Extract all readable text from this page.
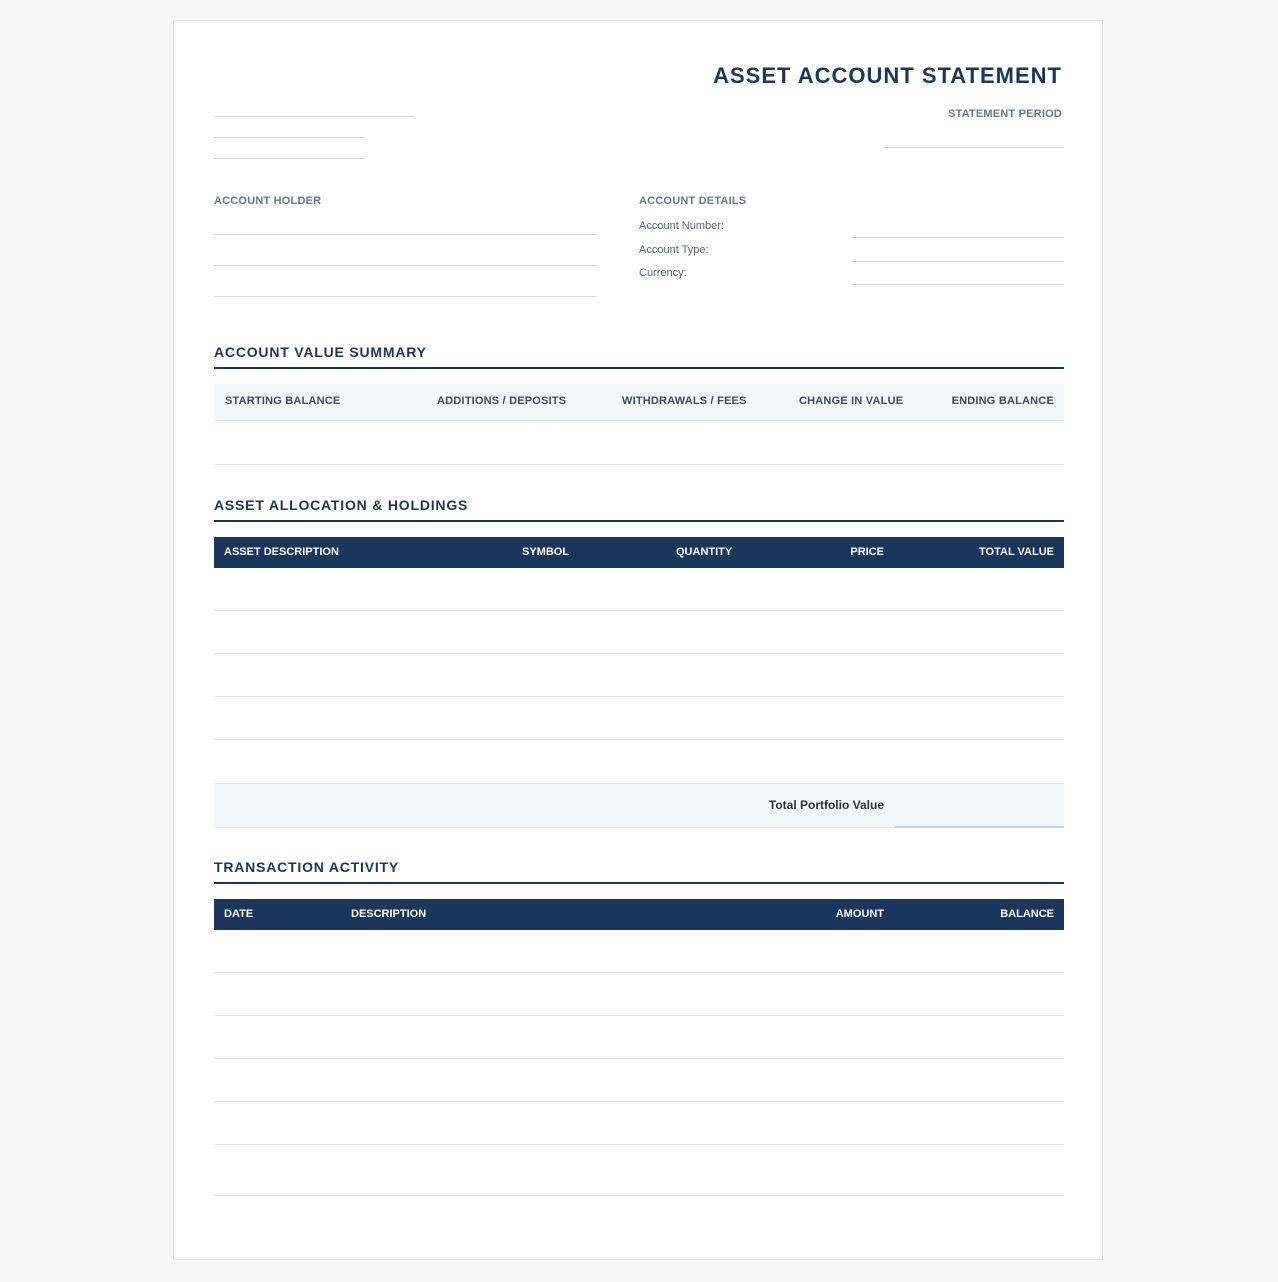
ASSET ACCOUNT STATEMENT
STATEMENT PERIOD
ACCOUNT HOLDER	ACCOUNT DETAILS
Account Number:
Account Type:
Currency:
ACCOUNT VALUE SUMMARY
STARTING BALANCE	ADDITIONS / DEPOSITS	WITHDRAWALS / FEES	CHANGE IN VALUE	ENDING BALANCE
ASSET ALLOCATION & HOLDINGS
ASSET DESCRIPTION	SYMBOL	QUANTITY	PRICE	TOTAL VALUE
Total Portfolio Value
TRANSACTION ACTIVITY
DATE	DESCRIPTION	AMOUNT	BALANCE
